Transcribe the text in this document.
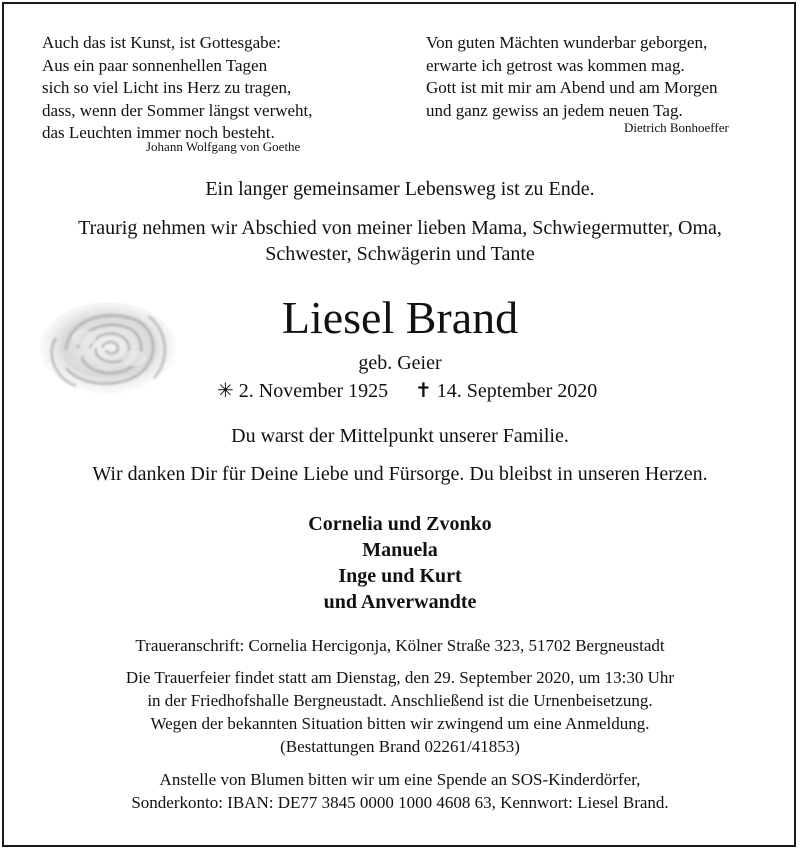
Auch das ist Kunst, ist Gottesgabe:
Aus ein paar sonnenhellen Tagen
sich so viel Licht ins Herz zu tragen,
dass, wenn der Sommer längst verweht,
das Leuchten immer noch besteht.
Johann Wolfgang von Goethe
Von guten Mächten wunderbar geborgen,
erwarte ich getrost was kommen mag.
Gott ist mit mir am Abend und am Morgen
und ganz gewiss an jedem neuen Tag.
Dietrich Bonhoeffer
Ein langer gemeinsamer Lebensweg ist zu Ende.
Traurig nehmen wir Abschied von meiner lieben Mama, Schwiegermutter, Oma,
Schwester, Schwägerin und Tante
Liesel Brand
geb. Geier
✳ 2. November 1925 ✝ 14. September 2020
Du warst der Mittelpunkt unserer Familie.
Wir danken Dir für Deine Liebe und Fürsorge. Du bleibst in unseren Herzen.
Cornelia und Zvonko
Manuela
Inge und Kurt
und Anverwandte
Traueranschrift: Cornelia Hercigonja, Kölner Straße 323, 51702 Bergneustadt
Die Trauerfeier findet statt am Dienstag, den 29. September 2020, um 13:30 Uhr
in der Friedhofshalle Bergneustadt. Anschließend ist die Urnenbeisetzung.
Wegen der bekannten Situation bitten wir zwingend um eine Anmeldung.
(Bestattungen Brand 02261/41853)
Anstelle von Blumen bitten wir um eine Spende an SOS-Kinderdörfer,
Sonderkonto: IBAN: DE77 3845 0000 1000 4608 63, Kennwort: Liesel Brand.
